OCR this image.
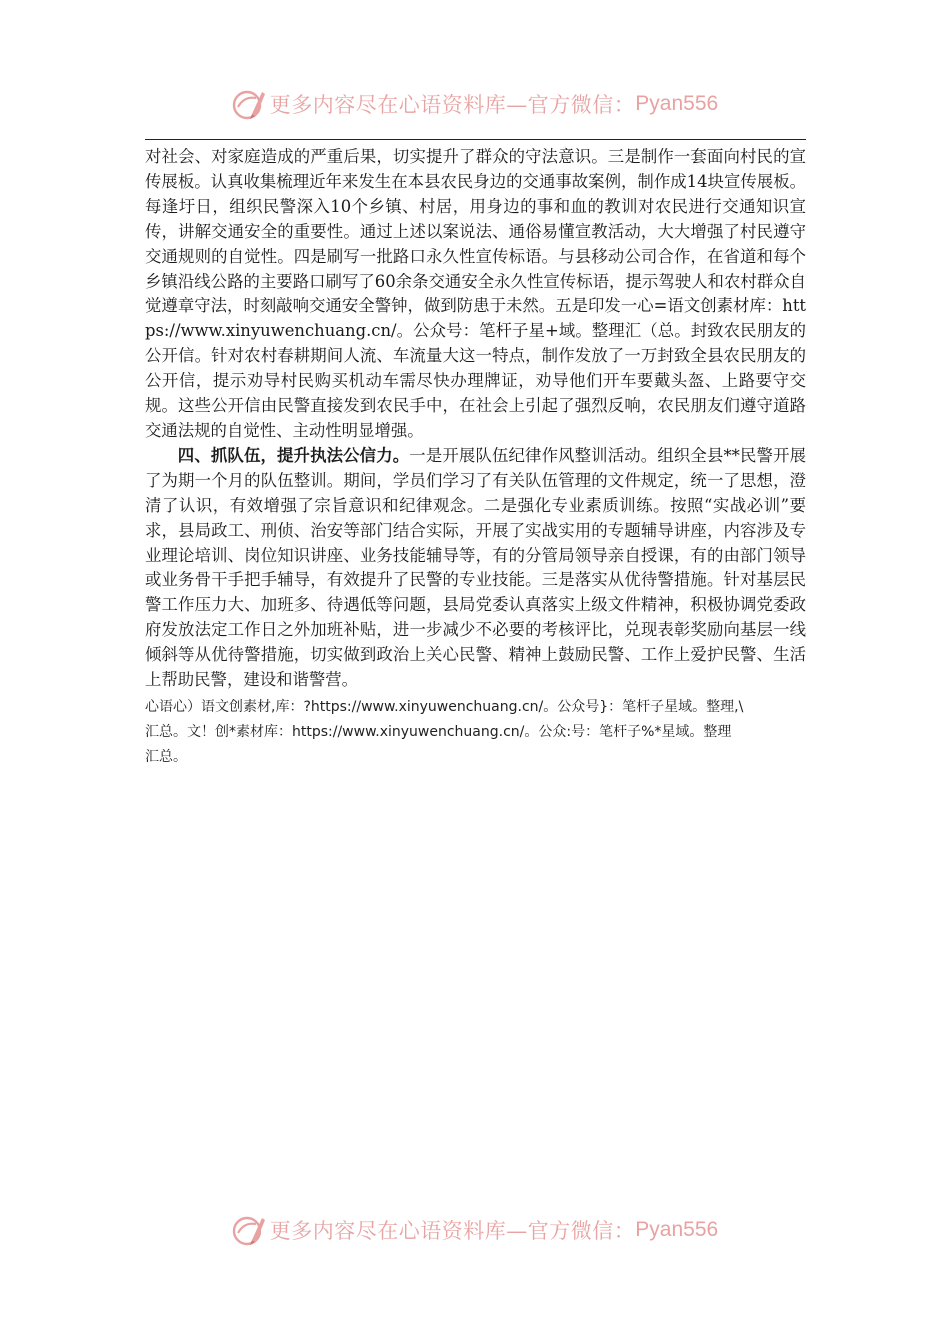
更多内容尽在心语资料库—官方微信： Pyan556

对社会、对家庭造成的严重后果，切实提升了群众的守法意识。三是制作一套面向村民的宣传展板。认真收集梳理近年来发生在本县农民身边的交通事故案例，制作成14块宣传展板。每逢圩日，组织民警深入10个乡镇、村居，用身边的事和血的教训对农民进行交通知识宣传，讲解交通安全的重要性。通过上述以案说法、通俗易懂宣教活动，大大增强了村民遵守交通规则的自觉性。四是刷写一批路口永久性宣传标语。与县移动公司合作，在省道和每个乡镇沿线公路的主要路口刷写了60余条交通安全永久性宣传标语，提示驾驶人和农村群众自觉遵章守法，时刻敲响交通安全警钟，做到防患于未然。五是印发一心=语文创素材库：https://www.xinyuwenchuang.cn/。公众号：笔杆子星+域。整理汇（总。封致农民朋友的公开信。针对农村春耕期间人流、车流量大这一特点，制作发放了一万封致全县农民朋友的公开信，提示劝导村民购买机动车需尽快办理牌证，劝导他们开车要戴头盔、上路要守交规。这些公开信由民警直接发到农民手中，在社会上引起了强烈反响，农民朋友们遵守道路交通法规的自觉性、主动性明显增强。

四、抓队伍，提升执法公信力。一是开展队伍纪律作风整训活动。组织全县**民警开展了为期一个月的队伍整训。期间，学员们学习了有关队伍管理的文件规定，统一了思想，澄清了认识，有效增强了宗旨意识和纪律观念。二是强化专业素质训练。按照“实战必训”要求，县局政工、刑侦、治安等部门结合实际，开展了实战实用的专题辅导讲座，内容涉及专业理论培训、岗位知识讲座、业务技能辅导等，有的分管局领导亲自授课，有的由部门领导或业务骨干手把手辅导，有效提升了民警的专业技能。三是落实从优待警措施。针对基层民警工作压力大、加班多、待遇低等问题，县局党委认真落实上级文件精神，积极协调党委政府发放法定工作日之外加班补贴，进一步减少不必要的考核评比，兑现表彰奖励向基层一线倾斜等从优待警措施，切实做到政治上关心民警、精神上鼓励民警、工作上爱护民警、生活上帮助民警，建设和谐警营。

心语心）语文创素材,库：?https://www.xinyuwenchuang.cn/。公众号}：笔杆子星域。整理,\

汇总。文！创*素材库：https://www.xinyuwenchuang.cn/。公众:号：笔杆子%*星域。整理

汇总。

更多内容尽在心语资料库—官方微信： Pyan556
